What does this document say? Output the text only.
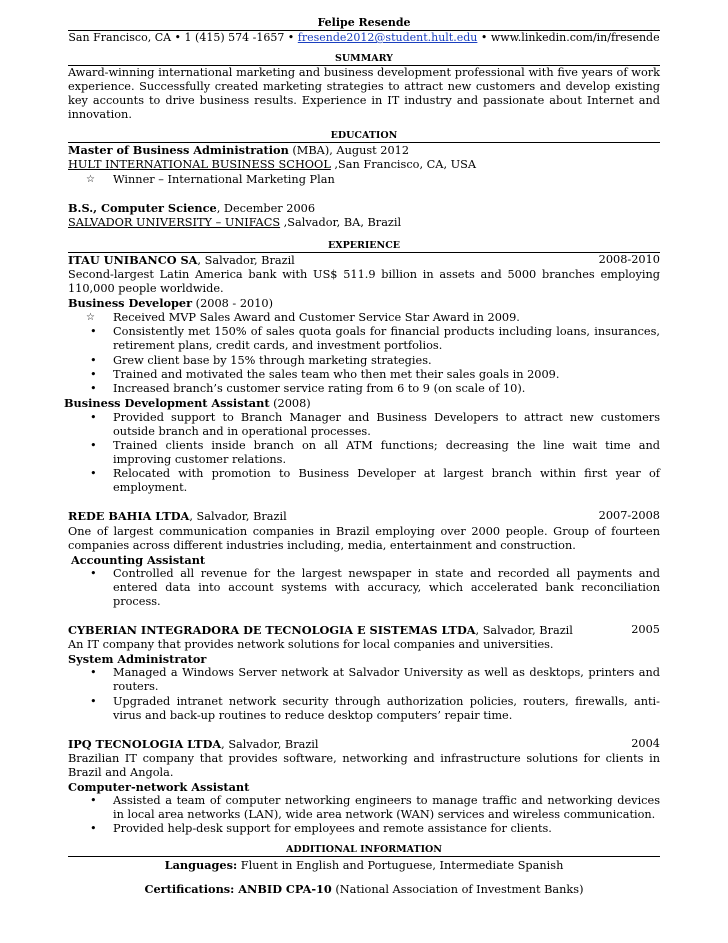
Felipe Resende
San Francisco, CA • 1 (415) 574 -1657 • fresende2012@student.hult.edu • www.linkedin.com/in/fresende
SUMMARY
Award-winning international marketing and business development professional with five years of work experience. Successfully created marketing strategies to attract new customers and develop existing key accounts to drive business results. Experience in IT industry and passionate about Internet and innovation.
EDUCATION
Master of Business Administration (MBA), August 2012
HULT INTERNATIONAL BUSINESS SCHOOL ,San Francisco, CA, USA
☆ Winner – International Marketing Plan
B.S., Computer Science, December 2006
SALVADOR UNIVERSITY – UNIFACS ,Salvador, BA, Brazil
EXPERIENCE
ITAU UNIBANCO SA, Salvador, Brazil	2008-2010
Second-largest Latin America bank with US$ 511.9 billion in assets and 5000 branches employing 110,000 people worldwide.
Business Developer (2008 - 2010)
☆ Received MVP Sales Award and Customer Service Star Award in 2009.
• Consistently met 150% of sales quota goals for financial products including loans, insurances, retirement plans, credit cards, and investment portfolios.
• Grew client base by 15% through marketing strategies.
• Trained and motivated the sales team who then met their sales goals in 2009.
• Increased branch’s customer service rating from 6 to 9 (on scale of 10).
Business Development Assistant (2008)
• Provided support to Branch Manager and Business Developers to attract new customers outside branch and in operational processes.
• Trained clients inside branch on all ATM functions; decreasing the line wait time and improving customer relations.
• Relocated with promotion to Business Developer at largest branch within first year of employment.
REDE BAHIA LTDA, Salvador, Brazil	2007-2008
One of largest communication companies in Brazil employing over 2000 people. Group of fourteen companies across different industries including, media, entertainment and construction.
Accounting Assistant
• Controlled all revenue for the largest newspaper in state and recorded all payments and entered data into account systems with accuracy, which accelerated bank reconciliation process.
CYBERIAN INTEGRADORA DE TECNOLOGIA E SISTEMAS LTDA, Salvador, Brazil	2005
An IT company that provides network solutions for local companies and universities.
System Administrator
• Managed a Windows Server network at Salvador University as well as desktops, printers and routers.
• Upgraded intranet network security through authorization policies, routers, firewalls, anti-virus and back-up routines to reduce desktop computers’ repair time.
IPQ TECNOLOGIA LTDA, Salvador, Brazil	2004
Brazilian IT company that provides software, networking and infrastructure solutions for clients in Brazil and Angola.
Computer-network Assistant
• Assisted a team of computer networking engineers to manage traffic and networking devices in local area networks (LAN), wide area network (WAN) services and wireless communication.
• Provided help-desk support for employees and remote assistance for clients.
ADDITIONAL INFORMATION
Languages: Fluent in English and Portuguese, Intermediate Spanish
Certifications: ANBID CPA-10 (National Association of Investment Banks)
